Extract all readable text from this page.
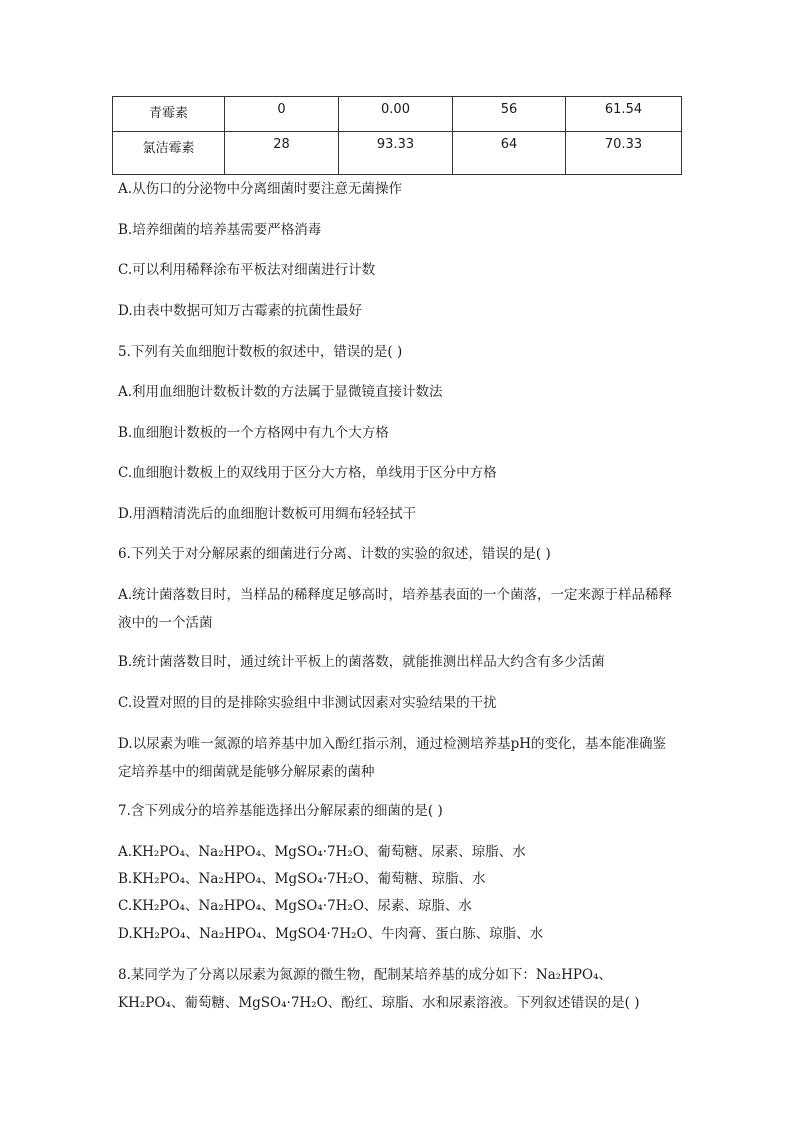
青霉素	0	0.00	56	61.54
氯洁霉素	28	93.33	64	70.33
A.从伤口的分泌物中分离细菌时要注意无菌操作
B.培养细菌的培养基需要严格消毒
C.可以利用稀释涂布平板法对细菌进行计数
D.由表中数据可知万古霉素的抗菌性最好
5.下列有关血细胞计数板的叙述中，错误的是( )
A.利用血细胞计数板计数的方法属于显微镜直接计数法
B.血细胞计数板的一个方格网中有九个大方格
C.血细胞计数板上的双线用于区分大方格，单线用于区分中方格
D.用酒精清洗后的血细胞计数板可用绸布轻轻拭干
6.下列关于对分解尿素的细菌进行分离、计数的实验的叙述，错误的是( )
A.统计菌落数目时，当样品的稀释度足够高时，培养基表面的一个菌落，一定来源于样品稀释液中的一个活菌
B.统计菌落数目时，通过统计平板上的菌落数，就能推测出样品大约含有多少活菌
C.设置对照的目的是排除实验组中非测试因素对实验结果的干扰
D.以尿素为唯一氮源的培养基中加入酚红指示剂，通过检测培养基pH的变化，基本能准确鉴定培养基中的细菌就是能够分解尿素的菌种
7.含下列成分的培养基能选择出分解尿素的细菌的是( )
A.KH₂PO₄、Na₂HPO₄、MgSO₄·7H₂O、葡萄糖、尿素、琼脂、水
B.KH₂PO₄、Na₂HPO₄、MgSO₄·7H₂O、葡萄糖、琼脂、水
C.KH₂PO₄、Na₂HPO₄、MgSO₄·7H₂O、尿素、琼脂、水
D.KH₂PO₄、Na₂HPO₄、MgSO4·7H₂O、牛肉膏、蛋白胨、琼脂、水
8.某同学为了分离以尿素为氮源的微生物，配制某培养基的成分如下：Na₂HPO₄、KH₂PO₄、葡萄糖、MgSO₄·7H₂O、酚红、琼脂、水和尿素溶液。下列叙述错误的是( )
